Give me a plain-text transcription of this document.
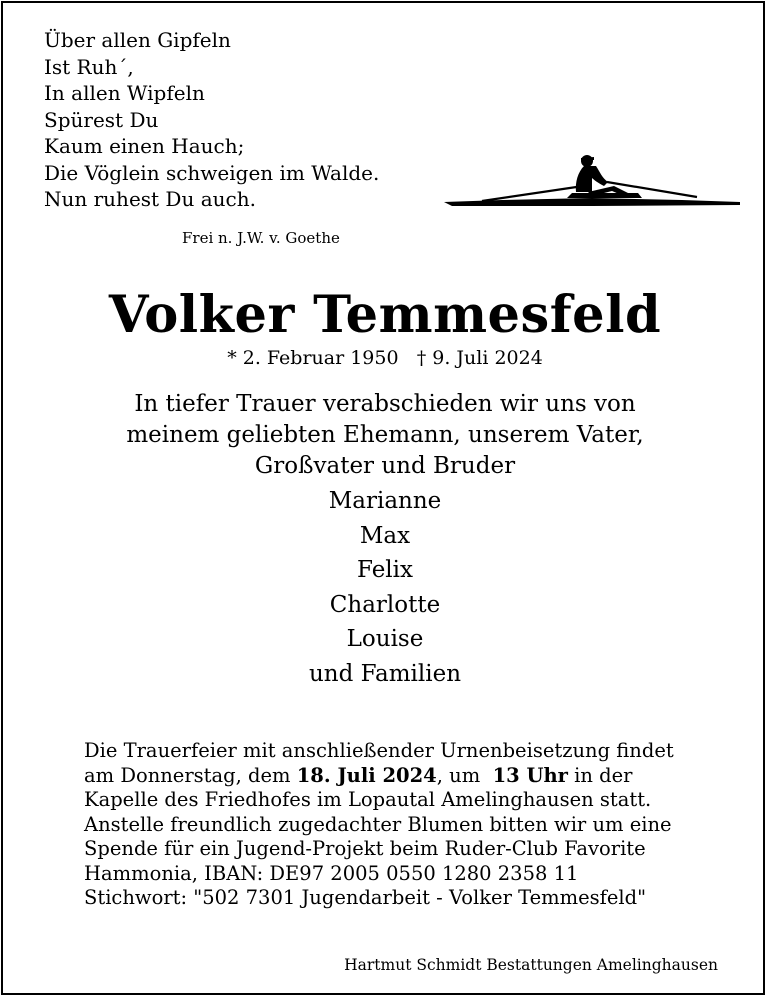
Über allen Gipfeln
Ist Ruh´,
In allen Wipfeln
Spürest Du
Kaum einen Hauch;
Die Vöglein schweigen im Walde.
Nun ruhest Du auch.
Frei n. J.W. v. Goethe
Volker Temmesfeld
* 2. Februar 1950 † 9. Juli 2024
In tiefer Trauer verabschieden wir uns von
meinem geliebten Ehemann, unserem Vater,
Großvater und Bruder
Marianne
Max
Felix
Charlotte
Louise
und Familien
Die Trauerfeier mit anschließender Urnenbeisetzung findet
am Donnerstag, dem 18. Juli 2024, um  13 Uhr in der
Kapelle des Friedhofes im Lopautal Amelinghausen statt.
Anstelle freundlich zugedachter Blumen bitten wir um eine
Spende für ein Jugend-Projekt beim Ruder-Club Favorite
Hammonia, IBAN: DE97 2005 0550 1280 2358 11
Stichwort: "502 7301 Jugendarbeit - Volker Temmesfeld"
Hartmut Schmidt Bestattungen Amelinghausen
